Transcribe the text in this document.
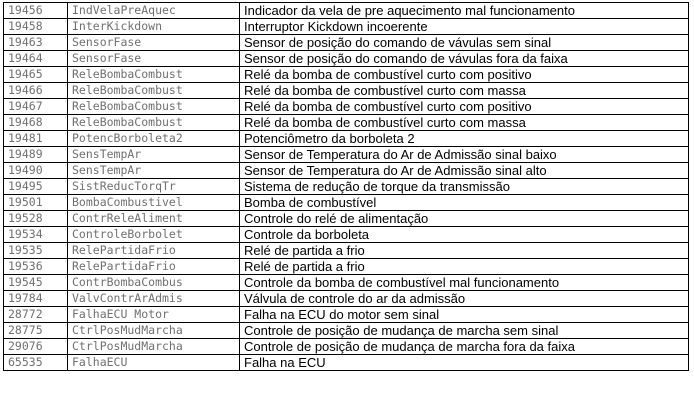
19456	IndVelaPreAquec	Indicador da vela de pre aquecimento mal funcionamento
19458	InterKickdown	Interruptor Kickdown incoerente
19463	SensorFase	Sensor de posição do comando de vávulas sem sinal
19464	SensorFase	Sensor de posição do comando de vávulas fora da faixa
19465	ReleBombaCombust	Relé da bomba de combustível curto com positivo
19466	ReleBombaCombust	Relé da bomba de combustível curto com massa
19467	ReleBombaCombust	Relé da bomba de combustível curto com positivo
19468	ReleBombaCombust	Relé da bomba de combustível curto com massa
19481	PotencBorboleta2	Potenciômetro da borboleta 2
19489	SensTempAr	Sensor de Temperatura do Ar de Admissão sinal baixo
19490	SensTempAr	Sensor de Temperatura do Ar de Admissão sinal alto
19495	SistReducTorqTr	Sistema de redução de torque da transmissão
19501	BombaCombustivel	Bomba de combustível
19528	ContrReleAliment	Controle do relé de alimentação
19534	ControleBorbolet	Controle da borboleta
19535	RelePartidaFrio	Relé de partida a frio
19536	RelePartidaFrio	Relé de partida a frio
19545	ContrBombaCombus	Controle da bomba de combustível mal funcionamento
19784	ValvContrArAdmis	Válvula de controle do ar da admissão
28772	FalhaECU Motor	Falha na ECU do motor sem sinal
28775	CtrlPosMudMarcha	Controle de posição de mudança de marcha sem sinal
29076	CtrlPosMudMarcha	Controle de posição de mudança de marcha fora da faixa
65535	FalhaECU	Falha na ECU
